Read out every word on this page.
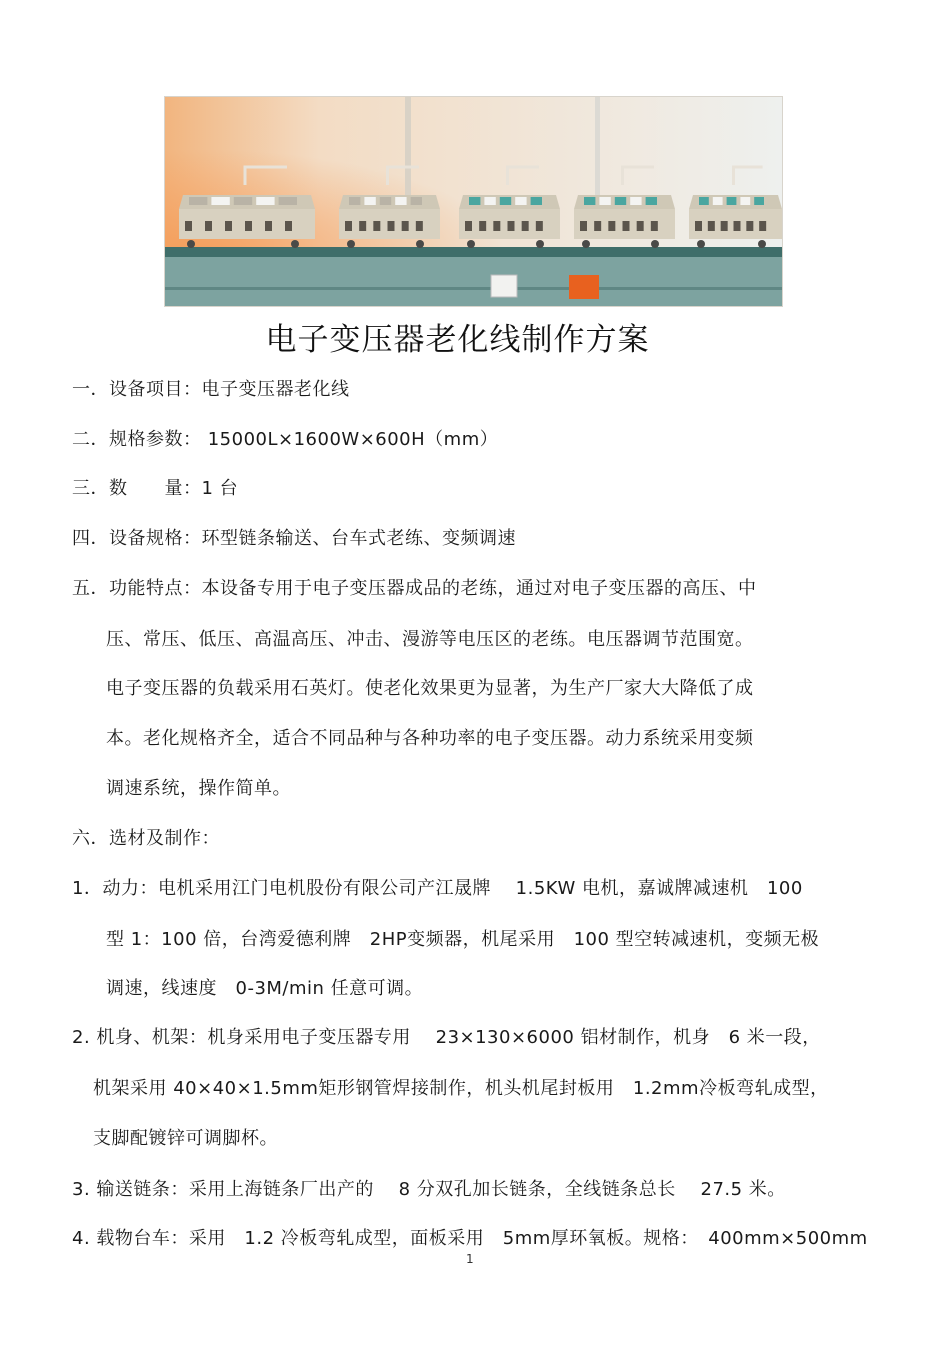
电子变压器老化线制作方案
一．设备项目：电子变压器老化线
二．规格参数： 15000L×1600W×600H（mm）
三．数　　量：1 台
四．设备规格：环型链条输送、台车式老练、变频调速
五．功能特点：本设备专用于电子变压器成品的老练，通过对电子变压器的高压、中
压、常压、低压、高温高压、冲击、漫游等电压区的老练。电压器调节范围宽。
电子变压器的负载采用石英灯。使老化效果更为显著，为生产厂家大大降低了成
本。老化规格齐全，适合不同品种与各种功率的电子变压器。动力系统采用变频
调速系统，操作简单。
六．选材及制作：
1．动力：电机采用江门电机股份有限公司产江晟牌　 1.5KW 电机，嘉诚牌减速机　100
型 1：100 倍，台湾爱德利牌　2HP变频器，机尾采用　100 型空转减速机，变频无极
调速，线速度　0-3M/min 任意可调。
2. 机身、机架：机身采用电子变压器专用　 23×130×6000 铝材制作，机身　6 米一段，
机架采用 40×40×1.5mm矩形钢管焊接制作，机头机尾封板用　1.2mm冷板弯轧成型，
支脚配镀锌可调脚杯。
3. 输送链条：采用上海链条厂出产的　 8 分双孔加长链条，全线链条总长　 27.5 米。
4. 载物台车：采用　1.2 冷板弯轧成型，面板采用　5mm厚环氧板。规格：　400mm×500mm
1
